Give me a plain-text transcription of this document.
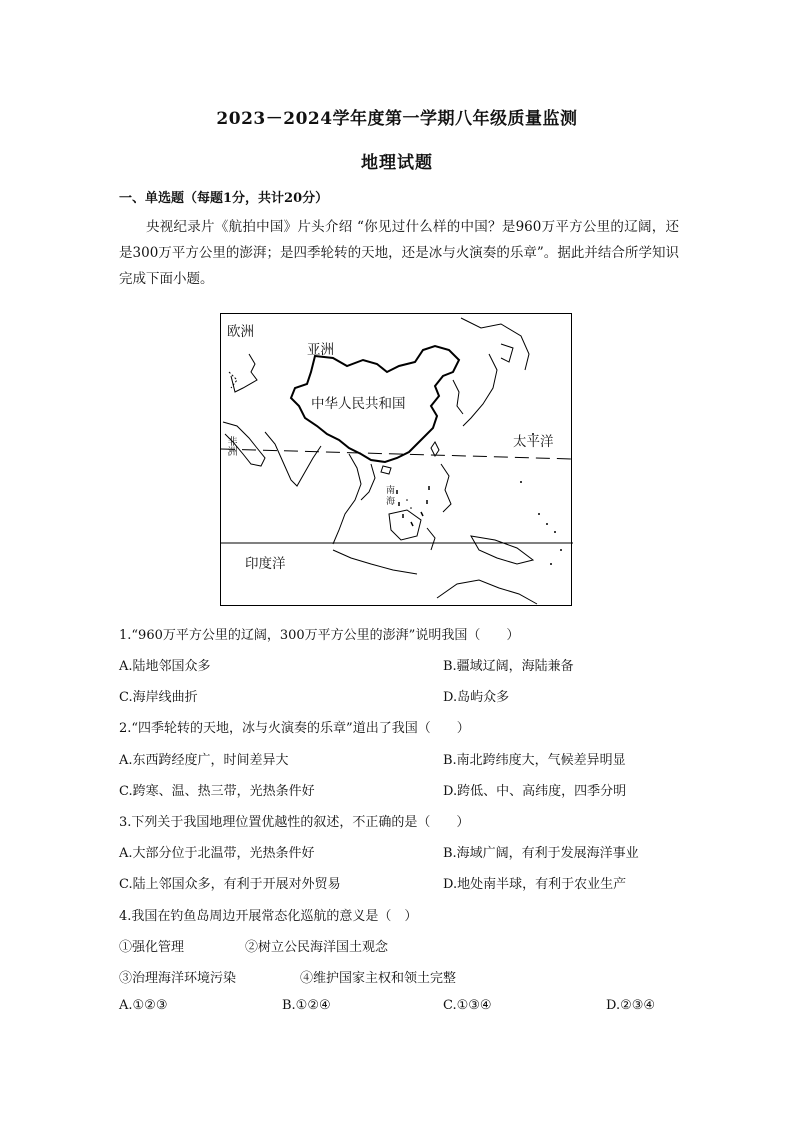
2023－2024学年度第一学期八年级质量监测
地理试题
一、单选题（每题1分，共计20分）
央视纪录片《航拍中国》片头介绍 “你见过什么样的中国？是960万平方公里的辽阔，还是300万平方公里的澎湃；是四季轮转的天地，还是冰与火演奏的乐章”。据此并结合所学知识完成下面小题。
欧洲
亚洲
中华人民共和国
太平洋
非洲
南海
印度洋
1.“960万平方公里的辽阔，300万平方公里的澎湃”说明我国（　　）
A.陆地邻国众多	B.疆域辽阔，海陆兼备
C.海岸线曲折	D.岛屿众多
2.“四季轮转的天地，冰与火演奏的乐章”道出了我国（　　）
A.东西跨经度广，时间差异大	B.南北跨纬度大，气候差异明显
C.跨寒、温、热三带，光热条件好	D.跨低、中、高纬度，四季分明
3.下列关于我国地理位置优越性的叙述，不正确的是（　　）
A.大部分位于北温带，光热条件好	B.海域广阔，有利于发展海洋事业
C.陆上邻国众多，有利于开展对外贸易	D.地处南半球，有利于农业生产
4.我国在钓鱼岛周边开展常态化巡航的意义是（　）
①强化管理	②树立公民海洋国土观念
③治理海洋环境污染	④维护国家主权和领土完整
A.①②③	B.①②④	C.①③④	D.②③④
